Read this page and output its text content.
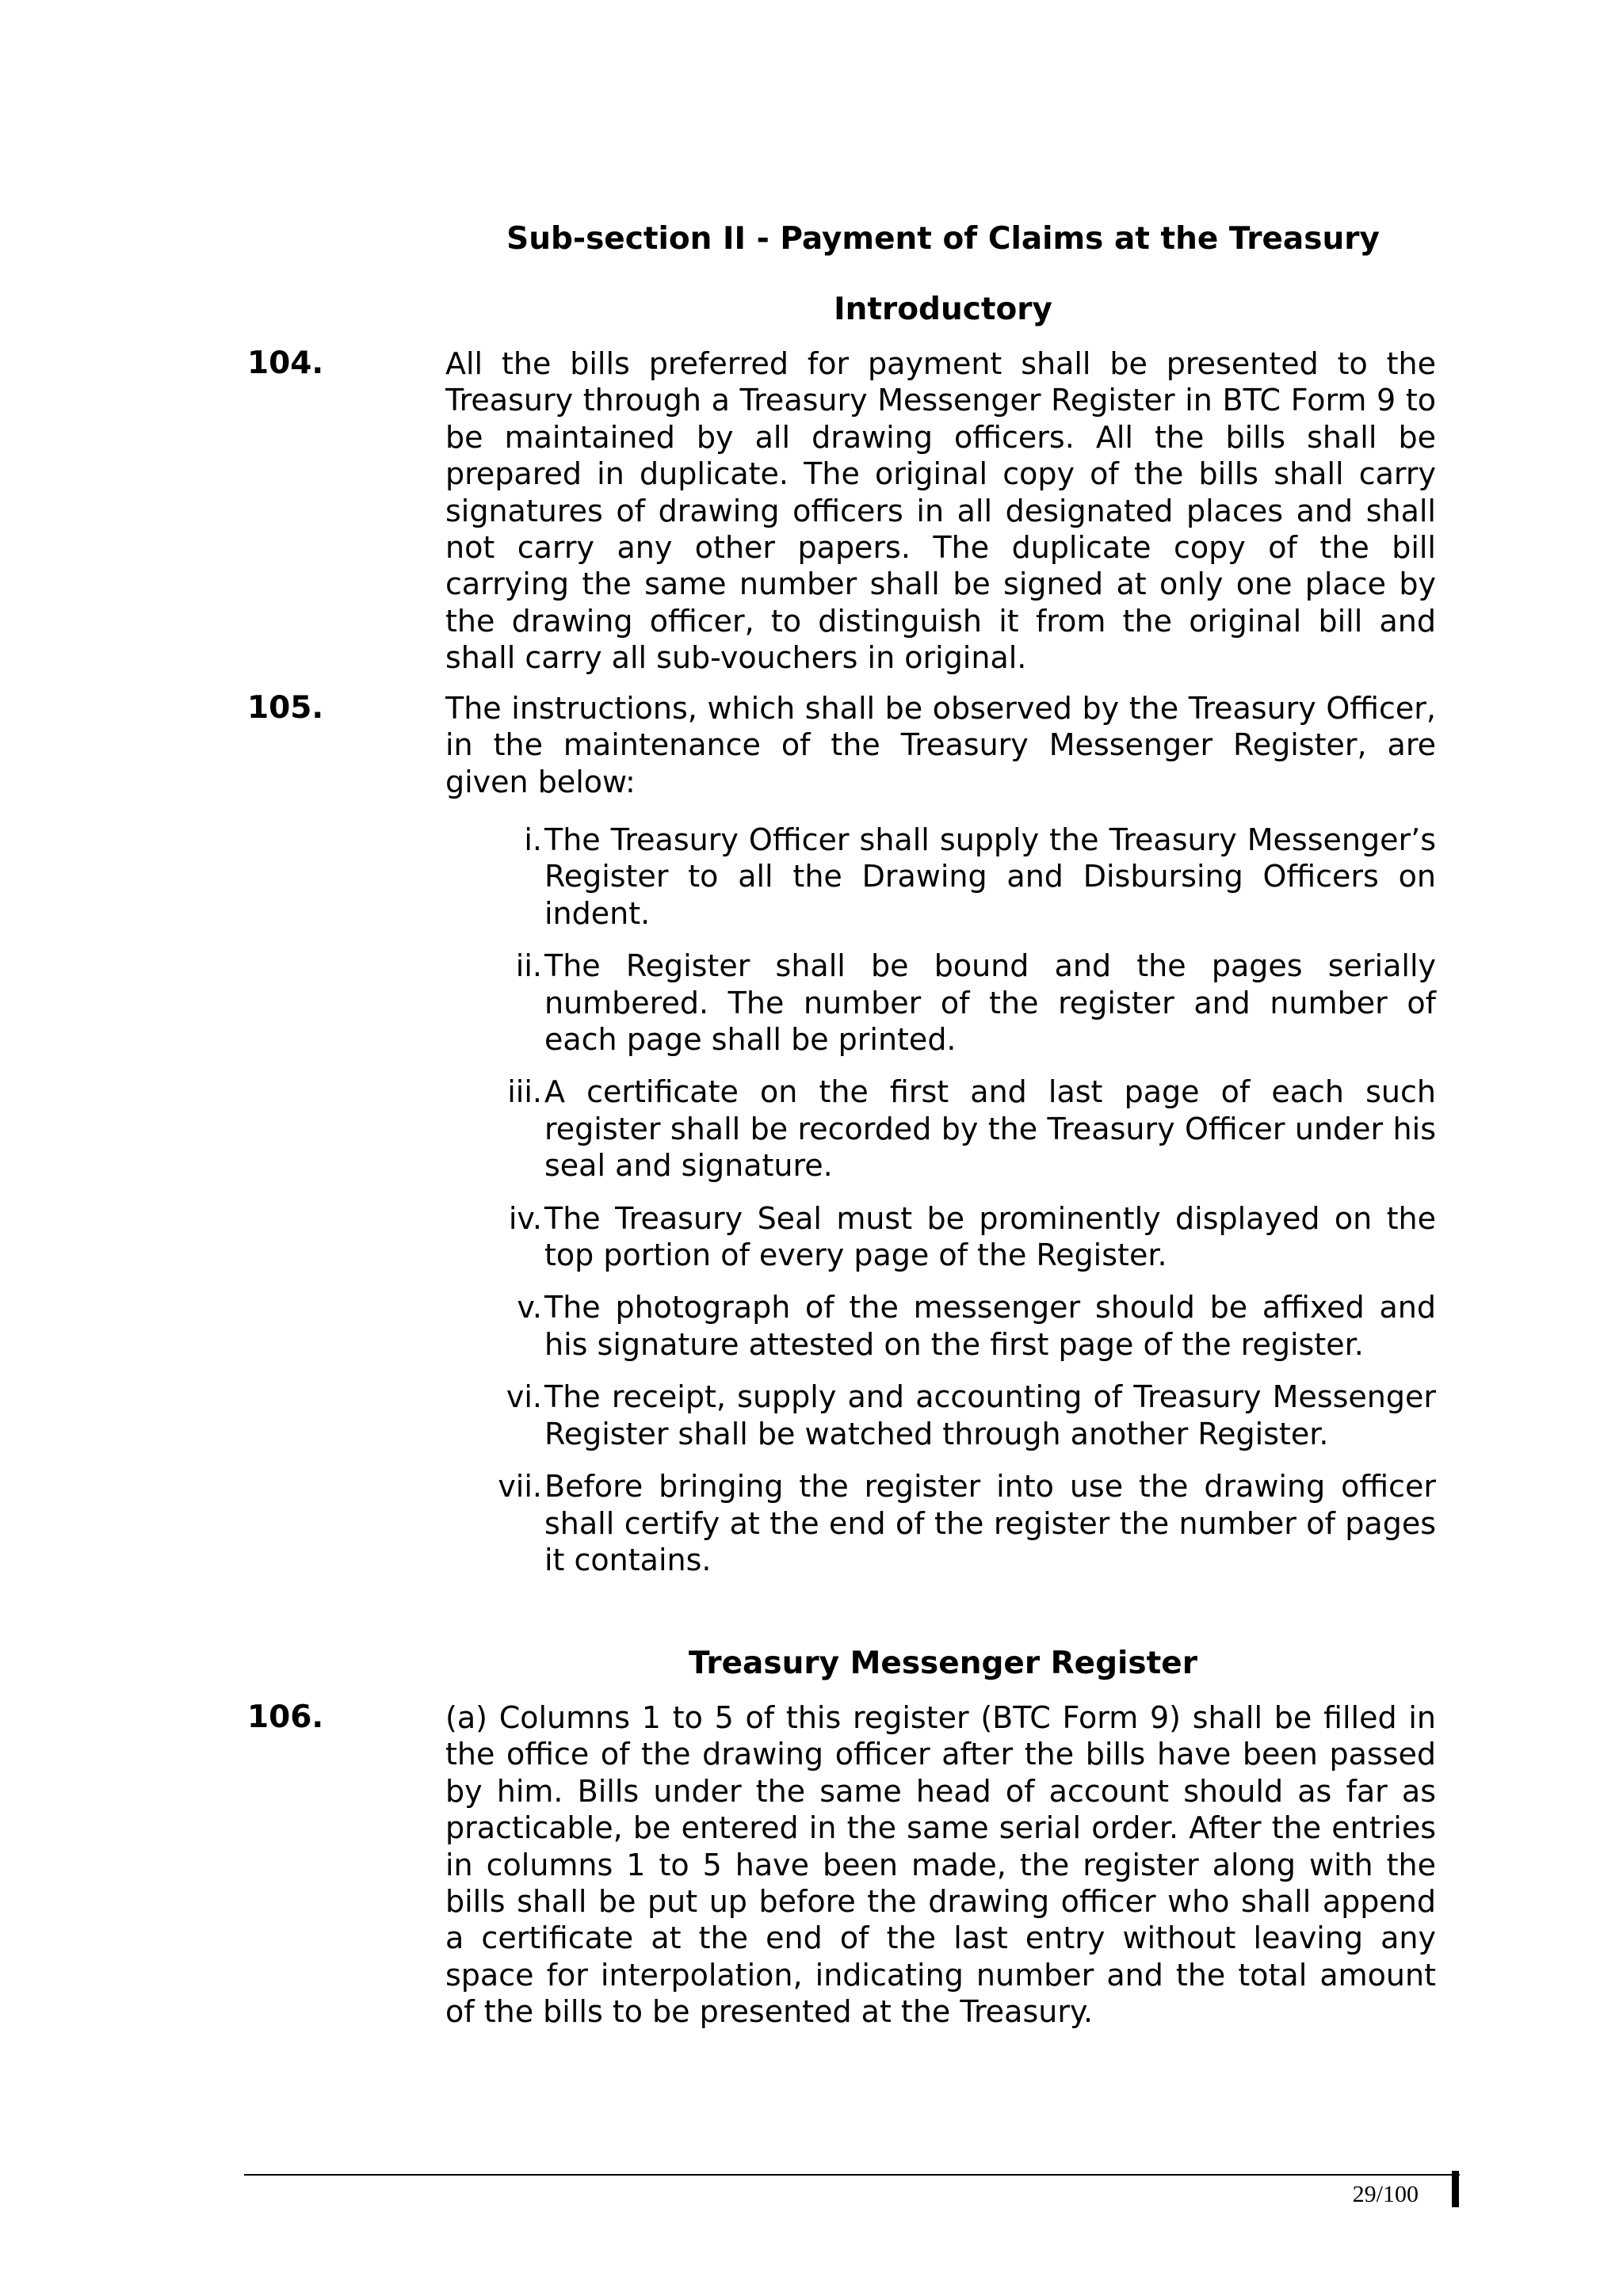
Sub-section II - Payment of Claims at the Treasury
Introductory
104.	All the bills preferred for payment shall be presented to the Treasury through a Treasury Messenger Register in BTC Form 9 to be maintained by all drawing officers. All the bills shall be prepared in duplicate. The original copy of the bills shall carry signatures of drawing officers in all designated places and shall not carry any other papers. The duplicate copy of the bill carrying the same number shall be signed at only one place by the drawing officer, to distinguish it from the original bill and shall carry all sub-vouchers in original.

105.	The instructions, which shall be observed by the Treasury Officer, in the maintenance of the Treasury Messenger Register, are given below:

i. The Treasury Officer shall supply the Treasury Messenger’s Register to all the Drawing and Disbursing Officers on indent.
ii. The Register shall be bound and the pages serially numbered. The number of the register and number of each page shall be printed.
iii. A certificate on the first and last page of each such register shall be recorded by the Treasury Officer under his seal and signature.
iv. The Treasury Seal must be prominently displayed on the top portion of every page of the Register.
v. The photograph of the messenger should be affixed and his signature attested on the first page of the register.
vi. The receipt, supply and accounting of Treasury Messenger Register shall be watched through another Register.
vii. Before bringing the register into use the drawing officer shall certify at the end of the register the number of pages it contains.
Treasury Messenger Register
106.	(a) Columns 1 to 5 of this register (BTC Form 9) shall be filled in the office of the drawing officer after the bills have been passed by him. Bills under the same head of account should as far as practicable, be entered in the same serial order. After the entries in columns 1 to 5 have been made, the register along with the bills shall be put up before the drawing officer who shall append a certificate at the end of the last entry without leaving any space for interpolation, indicating number and the total amount of the bills to be presented at the Treasury.

29/100
